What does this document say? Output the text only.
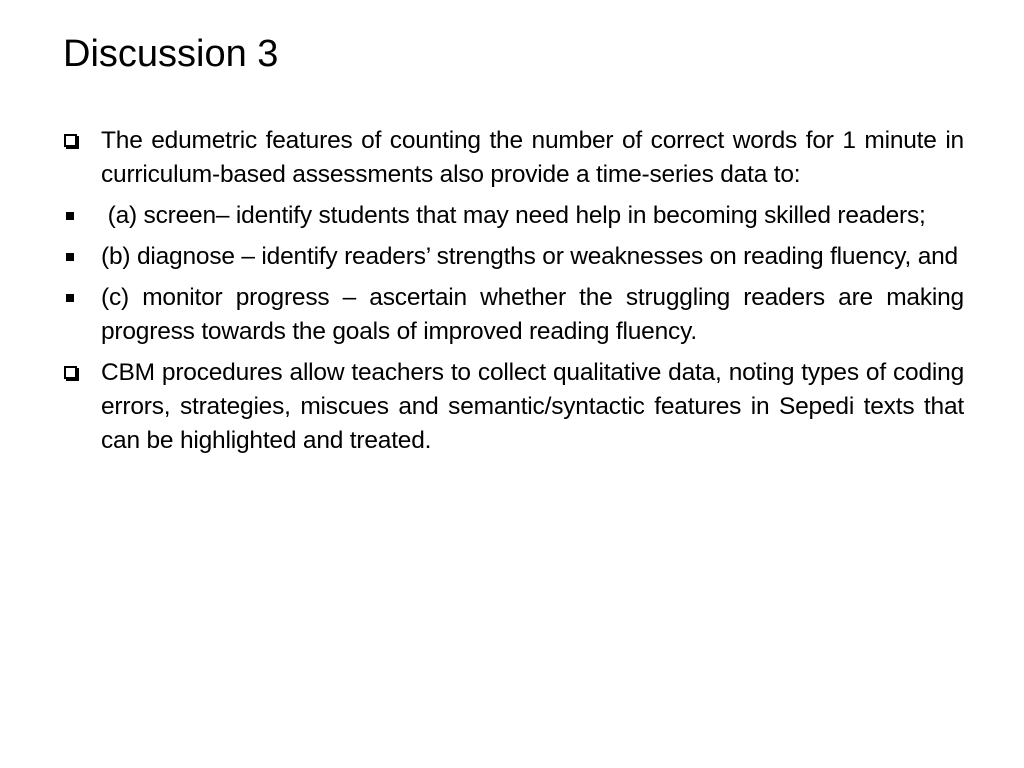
Discussion 3
The edumetric features of counting the number of correct words for 1 minute in curriculum-based assessments also provide a time-series data to:
(a) screen– identify students that may need help in becoming skilled readers;
(b) diagnose – identify readers’ strengths or weaknesses on reading fluency, and
(c) monitor progress – ascertain whether the struggling readers are making progress towards the goals of improved reading fluency.
CBM procedures allow teachers to collect qualitative data, noting types of coding errors, strategies, miscues and semantic/syntactic features in Sepedi texts that can be highlighted and treated.
